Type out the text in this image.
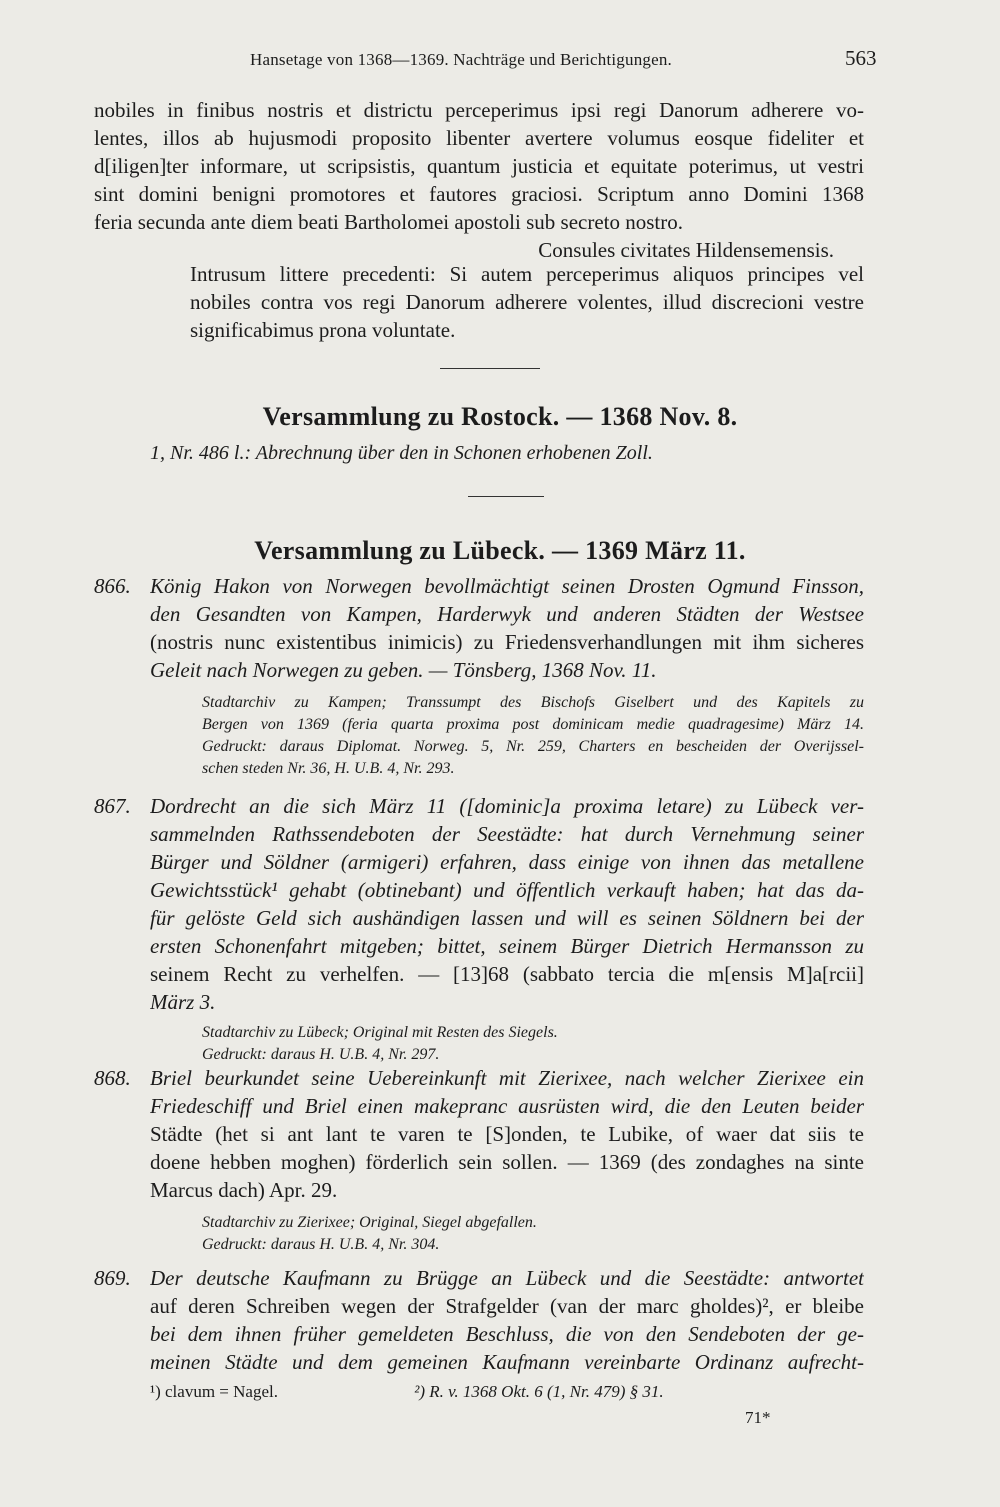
Hansetage von 1368—1369. Nachträge und Berichtigungen.	563
nobiles in finibus nostris et districtu perceperimus ipsi regi Danorum adherere vo-
lentes, illos ab hujusmodi proposito libenter avertere volumus eosque fideliter et
d[iligen]ter informare, ut scripsistis, quantum justicia et equitate poterimus, ut vestri
sint domini benigni promotores et fautores graciosi. Scriptum anno Domini 1368
feria secunda ante diem beati Bartholomei apostoli sub secreto nostro.
Consules civitates Hildensemensis.
Intrusum littere precedenti: Si autem perceperimus aliquos principes vel
nobiles contra vos regi Danorum adherere volentes, illud discrecioni vestre
significabimus prona voluntate.
Versammlung zu Rostock. — 1368 Nov. 8.
1, Nr. 486 l.: Abrechnung über den in Schonen erhobenen Zoll.
Versammlung zu Lübeck. — 1369 März 11.
866. König Hakon von Norwegen bevollmächtigt seinen Drosten Ogmund Finsson,
den Gesandten von Kampen, Harderwyk und anderen Städten der Westsee
(nostris nunc existentibus inimicis) zu Friedensverhandlungen mit ihm sicheres
Geleit nach Norwegen zu geben. — Tönsberg, 1368 Nov. 11.
Stadtarchiv zu Kampen; Transsumpt des Bischofs Giselbert und des Kapitels zu
Bergen von 1369 (feria quarta proxima post dominicam medie quadragesime) März 14.
Gedruckt: daraus Diplomat. Norweg. 5, Nr. 259, Charters en bescheiden der Overijssel-
schen steden Nr. 36, H. U.B. 4, Nr. 293.
867. Dordrecht an die sich März 11 ([dominic]a proxima letare) zu Lübeck ver-
sammelnden Rathssendeboten der Seestädte: hat durch Vernehmung seiner
Bürger und Söldner (armigeri) erfahren, dass einige von ihnen das metallene
Gewichtsstück¹ gehabt (obtinebant) und öffentlich verkauft haben; hat das da-
für gelöste Geld sich aushändigen lassen und will es seinen Söldnern bei der
ersten Schonenfahrt mitgeben; bittet, seinem Bürger Dietrich Hermansson zu
seinem Recht zu verhelfen. — [13]68 (sabbato tercia die m[ensis M]a[rcii]
März 3.
Stadtarchiv zu Lübeck; Original mit Resten des Siegels.
Gedruckt: daraus H. U.B. 4, Nr. 297.
868. Briel beurkundet seine Uebereinkunft mit Zierixee, nach welcher Zierixee ein
Friedeschiff und Briel einen makepranc ausrüsten wird, die den Leuten beider
Städte (het si ant lant te varen te [S]onden, te Lubike, of waer dat siis te
doene hebben moghen) förderlich sein sollen. — 1369 (des zondaghes na sinte
Marcus dach) Apr. 29.
Stadtarchiv zu Zierixee; Original, Siegel abgefallen.
Gedruckt: daraus H. U.B. 4, Nr. 304.
869. Der deutsche Kaufmann zu Brügge an Lübeck und die Seestädte: antwortet
auf deren Schreiben wegen der Strafgelder (van der marc gholdes)², er bleibe
bei dem ihnen früher gemeldeten Beschluss, die von den Sendeboten der ge-
meinen Städte und dem gemeinen Kaufmann vereinbarte Ordinanz aufrecht-
¹) clavum = Nagel.	²) R. v. 1368 Okt. 6 (1, Nr. 479) § 31.
71*
